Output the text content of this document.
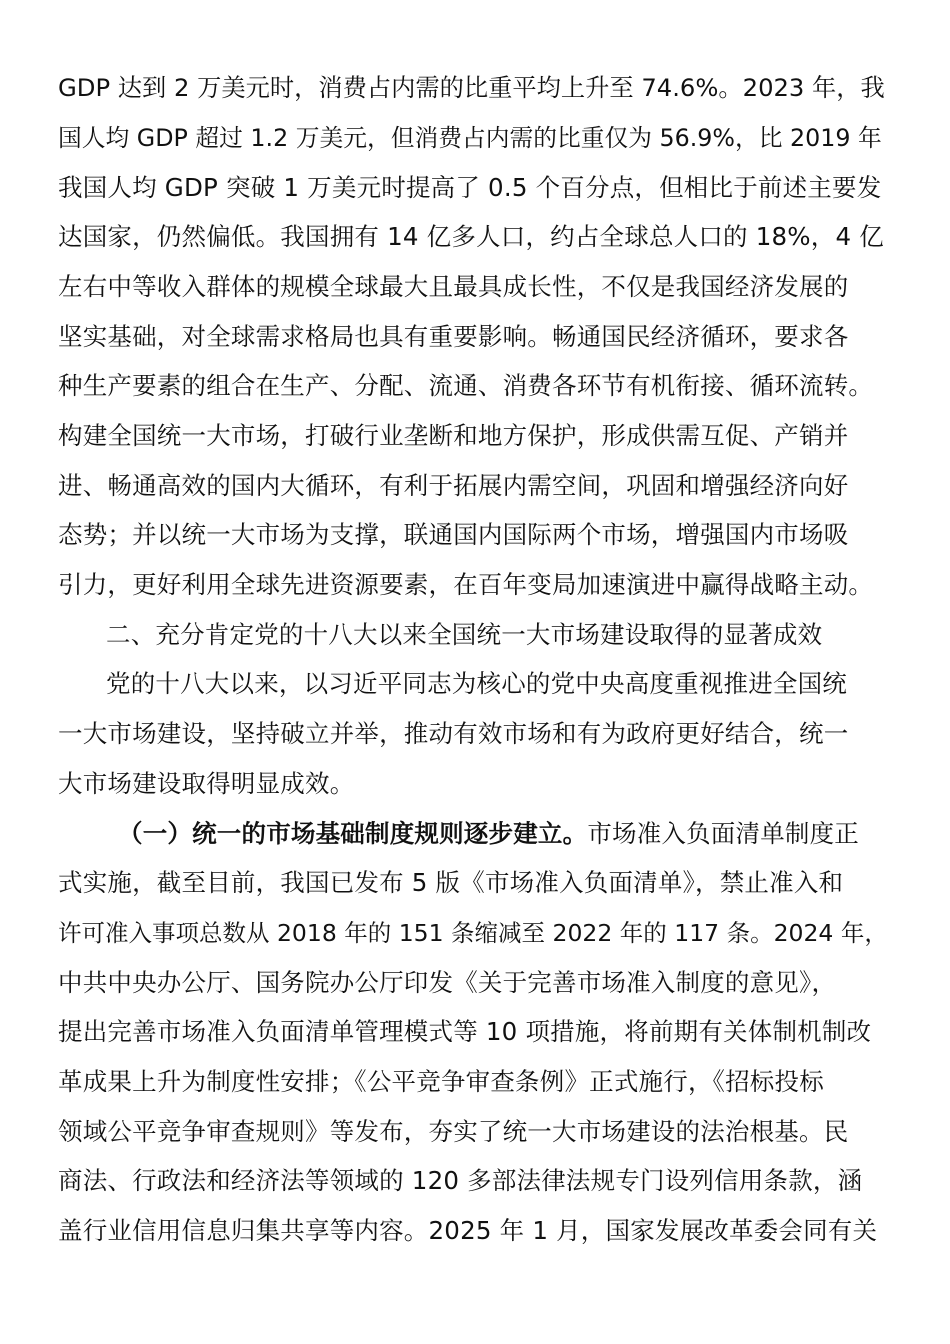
GDP 达到 2 万美元时，消费占内需的比重平均上升至 74.6%。2023 年，我
国人均 GDP 超过 1.2 万美元，但消费占内需的比重仅为 56.9%，比 2019 年
我国人均 GDP 突破 1 万美元时提高了 0.5 个百分点，但相比于前述主要发
达国家，仍然偏低。我国拥有 14 亿多人口，约占全球总人口的 18%，4 亿
左右中等收入群体的规模全球最大且最具成长性，不仅是我国经济发展的
坚实基础，对全球需求格局也具有重要影响。畅通国民经济循环，要求各
种生产要素的组合在生产、分配、流通、消费各环节有机衔接、循环流转。
构建全国统一大市场，打破行业垄断和地方保护，形成供需互促、产销并
进、畅通高效的国内大循环，有利于拓展内需空间，巩固和增强经济向好
态势；并以统一大市场为支撑，联通国内国际两个市场，增强国内市场吸
引力，更好利用全球先进资源要素，在百年变局加速演进中赢得战略主动。
二、充分肯定党的十八大以来全国统一大市场建设取得的显著成效
党的十八大以来，以习近平同志为核心的党中央高度重视推进全国统
一大市场建设，坚持破立并举，推动有效市场和有为政府更好结合，统一
大市场建设取得明显成效。
（一）统一的市场基础制度规则逐步建立。市场准入负面清单制度正
式实施，截至目前，我国已发布 5 版《市场准入负面清单》，禁止准入和
许可准入事项总数从 2018 年的 151 条缩减至 2022 年的 117 条。2024 年，
中共中央办公厅、国务院办公厅印发《关于完善市场准入制度的意见》，
提出完善市场准入负面清单管理模式等 10 项措施，将前期有关体制机制改
革成果上升为制度性安排；《公平竞争审查条例》正式施行，《招标投标
领域公平竞争审查规则》等发布，夯实了统一大市场建设的法治根基。民
商法、行政法和经济法等领域的 120 多部法律法规专门设列信用条款，涵
盖行业信用信息归集共享等内容。2025 年 1 月，国家发展改革委会同有关
